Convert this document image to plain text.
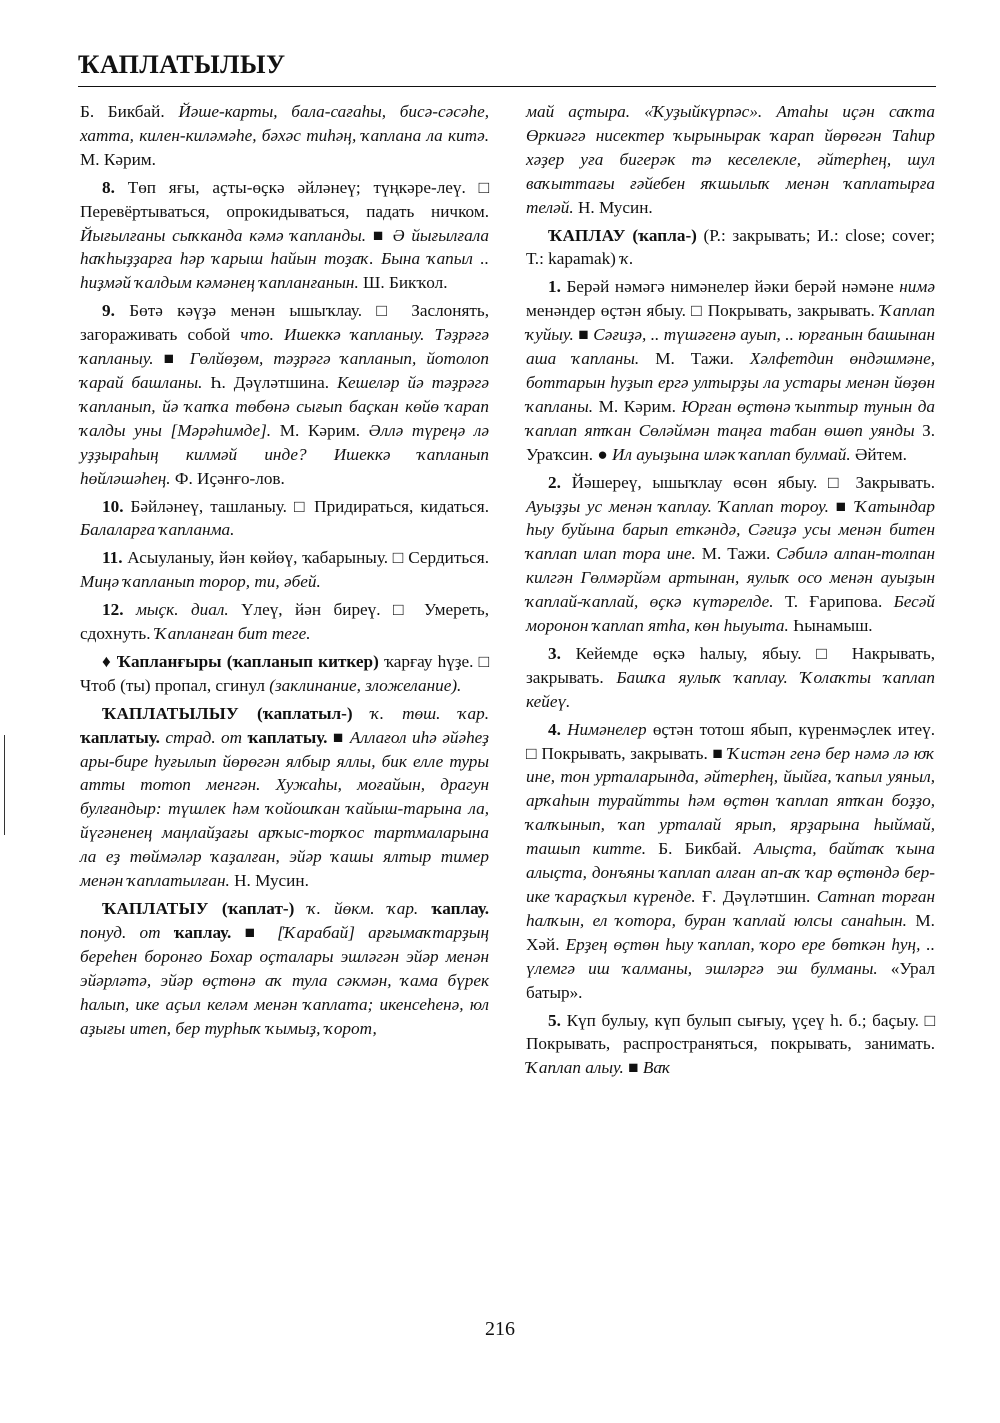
ҠАПЛАТЫЛЫУ

Б. Бикбай. Йәше-карты, бала-сағаһы, бисә-сәсәһе, хатта, килен-киләмәһе, бәхәс тиһәң, ҡаплана ла китә. М. Кәрим.

8. Төп яғы, аҫты-өҫкә әйләнеү; түңкәре-леү. □ Перевёртываться, опрокидываться, падать ничком. Йығылғаны сыҡканда кәмә ҡапланды. ■ Ә йығылғала һаҡһыҙҙарға һәр ҡарыш һайын тоҙаҡ. Бына ҡапыл .. һиҙмәй ҡалдым кәмәнең ҡапланғанын. Ш. Бикҡол.

9. Бөтә кәүҙә менән ышыҡлау. □ Заслонять, загораживать собой что. Ишеккә ҡапланыу. Тәҙрәгә ҡапланыу. ■ Гөлйөҙөм, тәҙрәгә ҡапланып, йотолоп ҡарай башланы. Һ. Дәүләтшина. Кешеләр йә тәҙрәгә ҡапланып, йә ҡапҡа төбөнә сығып баҫкан көйө ҡарап ҡалды уны [Мәрәһимде]. М. Кәрим. Әллә түреңә лә уҙҙыраһың килмәй инде? Ишеккә ҡапланып һөйләшәһең. Ф. Иҫәнғо-лов.

10. Бәйләнеү, ташланыу. □ Придираться, кидаться. Балаларға ҡапланма.

11. Асыуланыу, йән көйөү, ҡабарыныу. □ Сердиться. Миңә ҡапланып торор, ти, әбей.

12. мыҫк. диал. Үлеү, йән биреү. □ Умереть, сдохнуть. Ҡапланған бит теге.

♦ Ҡапланғыры (ҡапланып киткер) ҡарғау һүҙе. □ Чтоб (ты) пропал, сгинул (заклинание, зложелание).

ҠАПЛАТЫЛЫУ (ҡаплатыл-) ҡ. төш. ҡар. ҡаплатыу. страд. от ҡаплатыу. ■ Аллағол иһә әйәһеҙ ары-бире һуғылып йөрөгән ялбыр яллы, бик елле туры атты тотоп менгән. Хужаһы, моғайын, драгун булғандыр: түшлек һәм ҡойошҡан ҡайыш-тарына ла, йүгәненең маңлайҙағы арҡыс-торҡос тартмаларына ла еҙ төймәләр ҡаҙалған, эйәр ҡашы ялтыр тимер менән ҡаплатылған. Н. Мусин.

ҠАПЛАТЫУ (ҡаплат-) ҡ. йөкм. ҡар. ҡаплау. понуд. от ҡаплау. ■ [Ҡарабай] арғымаҡтарҙың береһен боронғо Бохар оҫталары эшләгән эйәр менән эйәрләтә, эйәр өҫтөнә аҡ тула сәкмән, ҡама бүрек һалып, ике аҫыл келәм менән ҡаплата; икенсеһенә, юл аҙығы итеп, бер турһыҡ ҡымыҙ, ҡорот,

май аҫтыра. «Ҡуҙыйкүрпәс». Атаһы иҫән саҡта Өркиәгә нисектер ҡырынырак ҡарап йөрөгән Таһир хәҙер уға бигерәк тә кеселекле, әйтерһең, шул ваҡыттағы ғәйебен яҡшылыҡ менән ҡаплатырға теләй. Н. Мусин.

ҠАПЛАУ (ҡапла-) (Р.: закрывать; И.: close; cover; Т.: kapamak) ҡ.

1. Берәй нәмәгә нимәнелер йәки берәй нәмәне нимә менәндер өҫтән ябыу. □ Покрывать, закрывать. Ҡаплап ҡуйыу. ■ Сәғиҙә, .. түшәгенә ауып, .. юрғанын башынан аша ҡапланы. М. Тажи. Хәлфетдин өндәшмәне, боттарын һуҙып ергә ултырҙы ла устары менән йөҙөн ҡапланы. М. Кәрим. Юрған өҫтөнә ҡыптыр тунын да ҡаплап ятҡан Сөләймән таңға табан өшөп уянды З. Ураҡсин. ● Ил ауыҙына иләк ҡаплап булмай. Әйтем.

2. Йәшереү, ышыҡлау өсөн ябыу. □ Закрывать. Ауыҙҙы ус менән ҡаплау. Ҡаплап тороу. ■ Ҡатындар һыу буйына барып еткәндә, Сәғиҙә усы менән битен ҡаплап илап тора ине. М. Тажи. Сәбилә алпан-толпан килгән Гөлмәрйәм артынан, яулыҡ осо менән ауыҙын ҡаплай-ҡаплай, өҫкә күтәрелде. Т. Ғарипова. Бесәй моронон ҡаплап ятһа, көн һыуыта. Һынамыш.

3. Кейемде өҫкә һалыу, ябыу. □ Накрывать, закрывать. Башҡа яулыҡ ҡаплау. Ҡолаҡты ҡаплап кейеү.

4. Нимәнелер өҫтән тотош ябып, күренмәҫлек итеү. □ Покрывать, закрывать. ■ Ҡистән генә бер нәмә лә юҡ ине, тон урталарында, әйтерһең, йыйға, ҡапыл уяныл, арҡаһын турайтты һәм өҫтөн ҡаплап ятҡан боҙҙо, ҡалҡынып, ҡап урталай ярып, ярҙарына һыймай, ташып китте. Б. Бикбай. Алыҫта, байтаҡ ҡына алыҫта, донъяны ҡаплап алған ап-аҡ ҡар өҫтөндә бер-ике ҡараҫҡыл күренде. Ғ. Дәүләтшин. Сатнап торған һалҡын, ел ҡотора, буран ҡаплай юлсы санаһын. М. Хәй. Ерҙең өҫтөн һыу ҡаплап, ҡоро ере бөткән һуң, .. үлемгә иш ҡалманы, эшләргә эш булманы. «Урал батыр».

5. Күп булыу, күп булып сығыу, үҫеү һ. б.; баҫыу. □ Покрывать, распространяться, покрывать, занимать. Ҡаплап алыу. ■ Ваҡ

216
